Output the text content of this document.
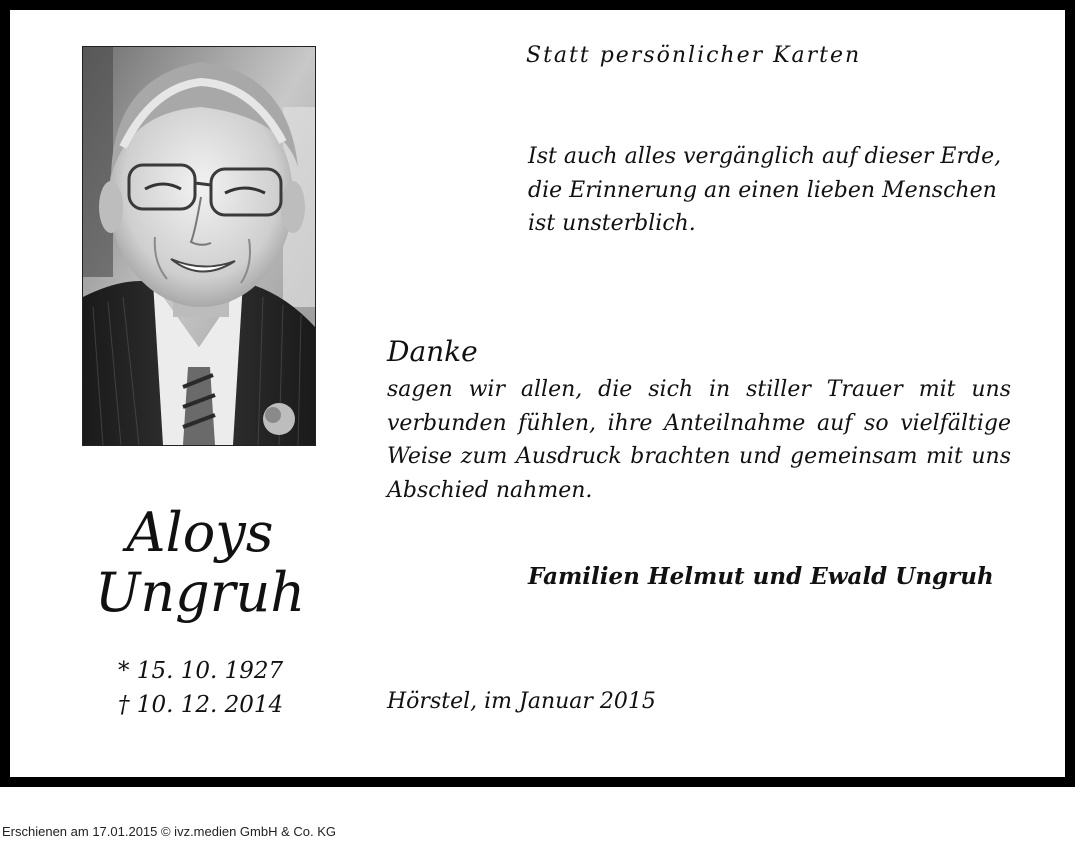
Statt persönlicher Karten
Ist auch alles vergänglich auf dieser Erde,
die Erinnerung an einen lieben Menschen
ist unsterblich.
Danke
sagen wir allen, die sich in stiller Trauer mit uns
verbunden fühlen, ihre Anteilnahme auf so vielfältige
Weise zum Ausdruck brachten und gemeinsam mit uns
Abschied nahmen.
Familien Helmut und Ewald Ungruh
Aloys
Ungruh
* 15. 10. 1927
† 10. 12. 2014	Hörstel, im Januar 2015
Erschienen am 17.01.2015 © ivz.medien GmbH & Co. KG
